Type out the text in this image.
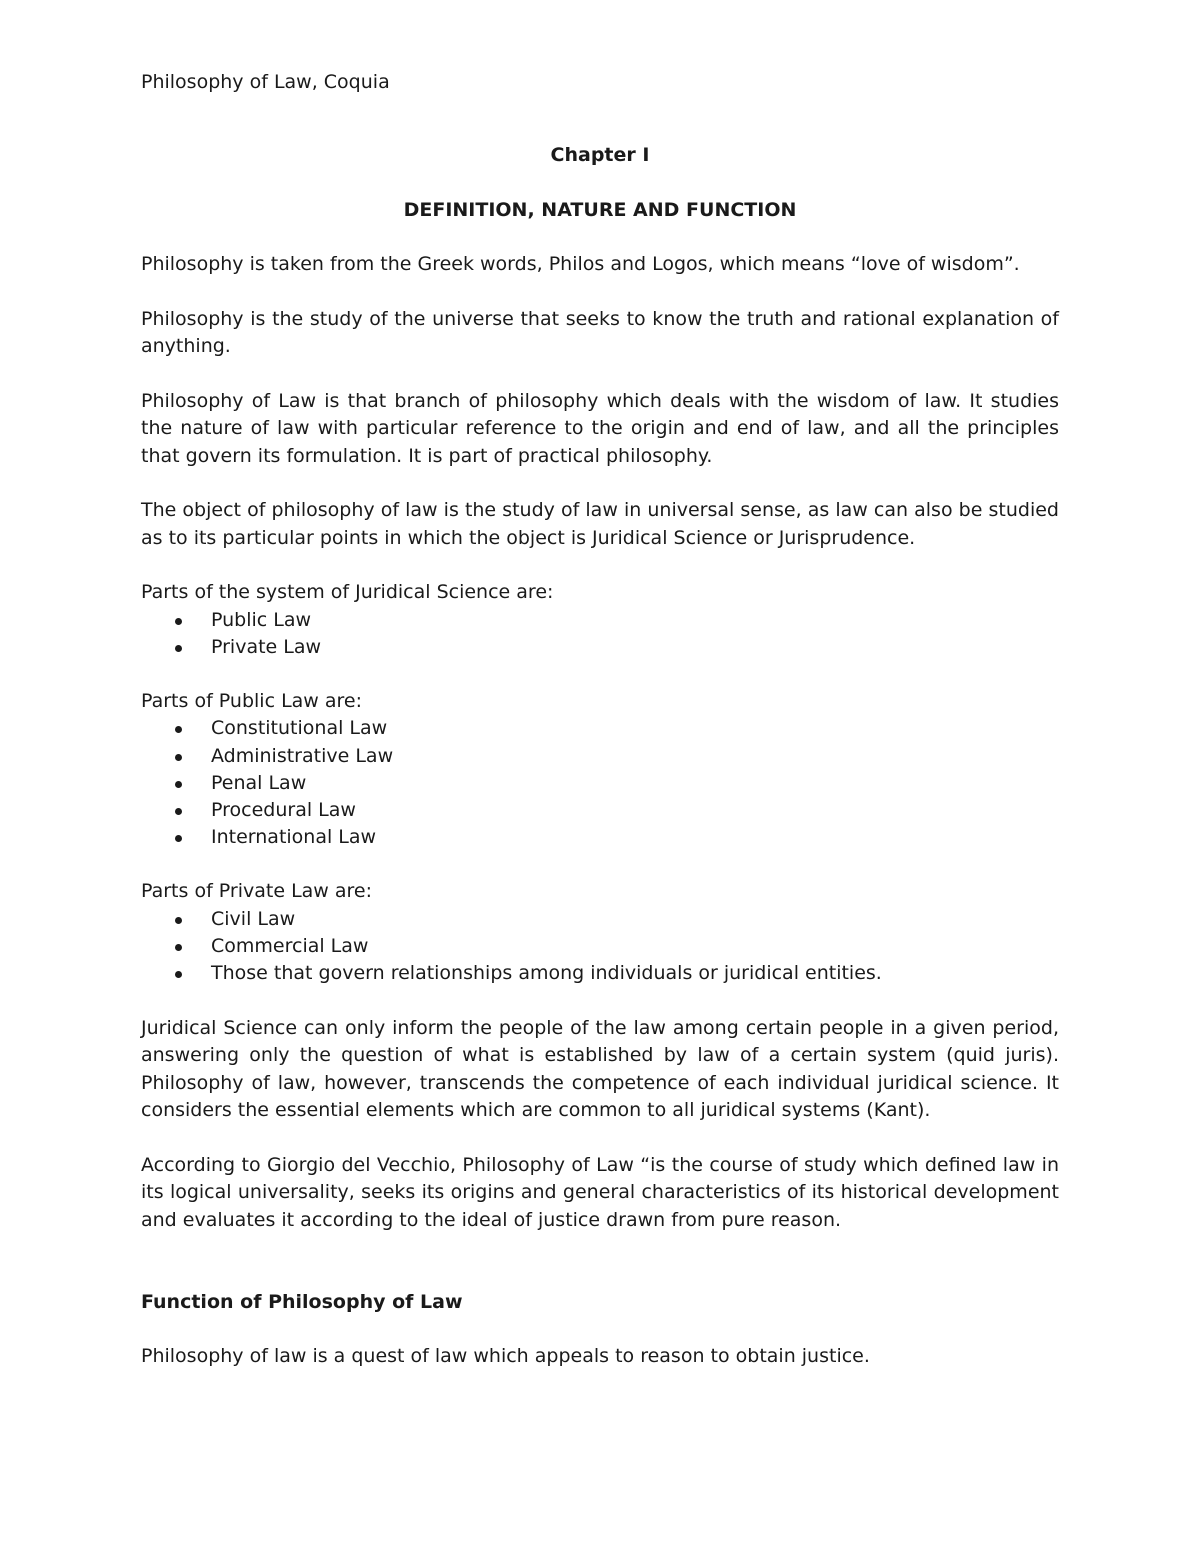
Philosophy of Law, Coquia
Chapter I
DEFINITION, NATURE AND FUNCTION

Philosophy is taken from the Greek words, Philos and Logos, which means “love of wisdom”.

Philosophy is the study of the universe that seeks to know the truth and rational explanation of anything.

Philosophy of Law is that branch of philosophy which deals with the wisdom of law. It studies the nature of law with particular reference to the origin and end of law, and all the principles that govern its formulation. It is part of practical philosophy.

The object of philosophy of law is the study of law in universal sense, as law can also be studied as to its particular points in which the object is Juridical Science or Jurisprudence.

Parts of the system of Juridical Science are:
Public Law
Private Law
Parts of Public Law are:
Constitutional Law
Administrative Law
Penal Law
Procedural Law
International Law
Parts of Private Law are:
Civil Law
Commercial Law
Those that govern relationships among individuals or juridical entities.

Juridical Science can only inform the people of the law among certain people in a given period, answering only the question of what is established by law of a certain system (quid juris). Philosophy of law, however, transcends the competence of each individual juridical science. It considers the essential elements which are common to all juridical systems (Kant).

According to Giorgio del Vecchio, Philosophy of Law “is the course of study which defined law in its logical universality, seeks its origins and general characteristics of its historical development and evaluates it according to the ideal of justice drawn from pure reason.

Function of Philosophy of Law

Philosophy of law is a quest of law which appeals to reason to obtain justice.
